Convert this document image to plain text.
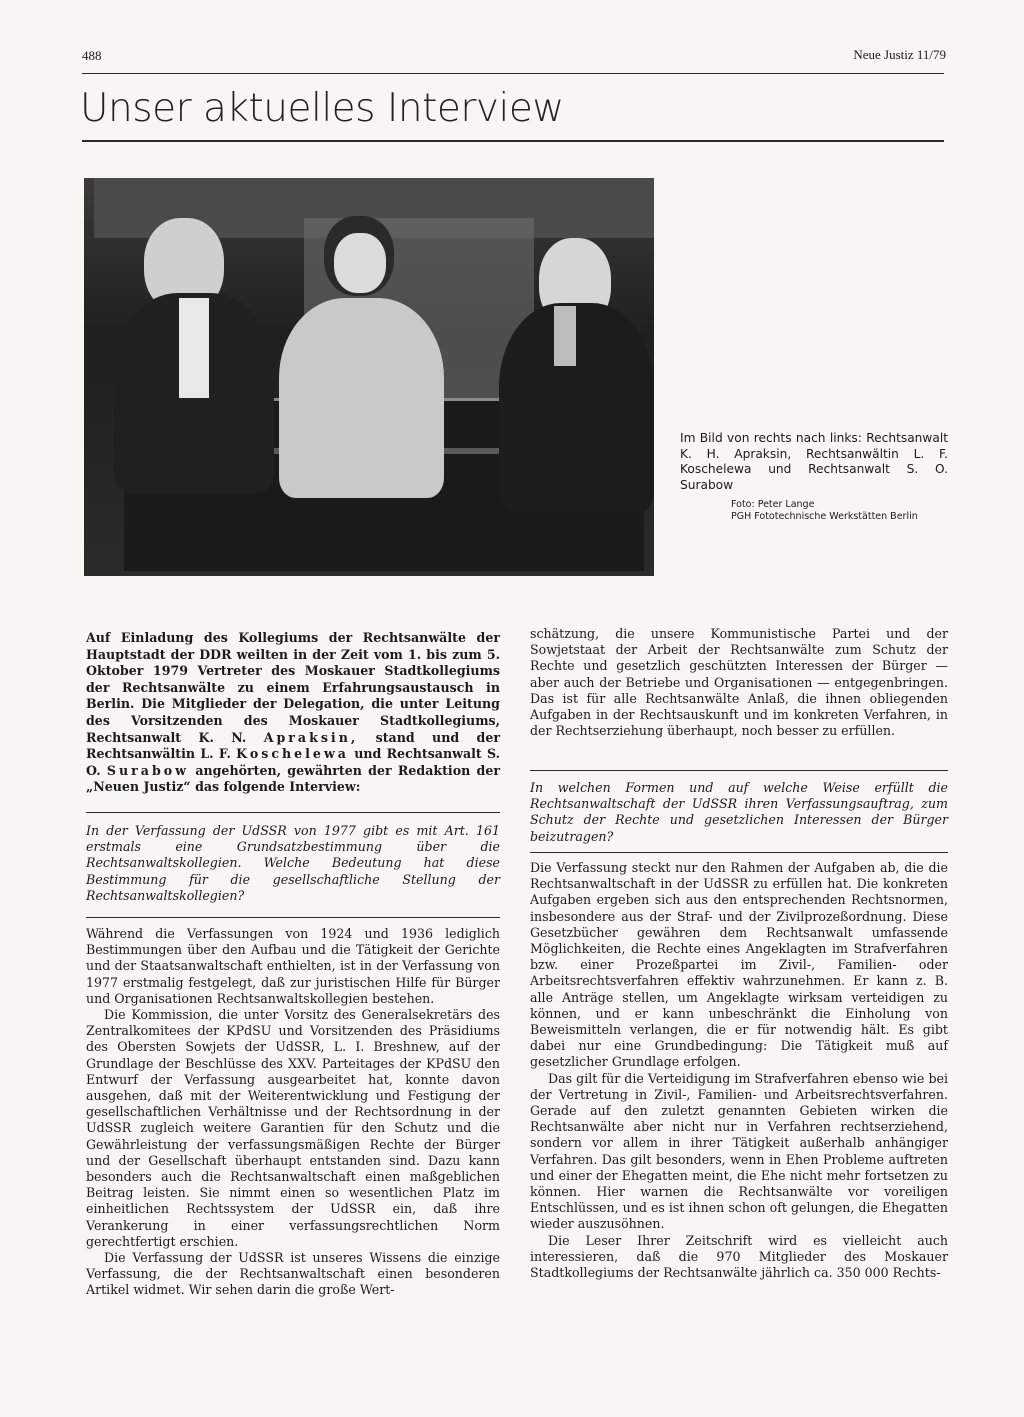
488	Neue Justiz 11/79
Unser aktuelles Interview
Im Bild von rechts nach links: Rechtsanwalt K. H. Apraksin, Rechtsanwältin L. F. Koschelewa und Rechtsanwalt S. O. Surabow
Foto: Peter Lange
PGH Fototechnische Werkstätten Berlin
Auf Einladung des Kollegiums der Rechtsanwälte der Hauptstadt der DDR weilten in der Zeit vom 1. bis zum 5. Oktober 1979 Vertreter des Moskauer Stadtkollegiums der Rechtsanwälte zu einem Erfahrungsaustausch in Berlin. Die Mitglieder der Delegation, die unter Leitung des Vorsitzenden des Moskauer Stadtkollegiums, Rechtsanwalt K. N. Apraksin, stand und der Rechtsanwältin L. F. Koschelewa und Rechtsanwalt S. O. Surabow angehörten, gewährten der Redaktion der „Neuen Justiz“ das folgende Interview:
In der Verfassung der UdSSR von 1977 gibt es mit Art. 161 erstmals eine Grundsatzbestimmung über die Rechtsanwaltskollegien. Welche Bedeutung hat diese Bestimmung für die gesellschaftliche Stellung der Rechtsanwaltskollegien?

Während die Verfassungen von 1924 und 1936 lediglich Bestimmungen über den Aufbau und die Tätigkeit der Gerichte und der Staatsanwaltschaft enthielten, ist in der Verfassung von 1977 erstmalig festgelegt, daß zur juristischen Hilfe für Bürger und Organisationen Rechtsanwaltskollegien bestehen.

Die Kommission, die unter Vorsitz des Generalsekretärs des Zentralkomitees der KPdSU und Vorsitzenden des Präsidiums des Obersten Sowjets der UdSSR, L. I. Breshnew, auf der Grundlage der Beschlüsse des XXV. Parteitages der KPdSU den Entwurf der Verfassung ausgearbeitet hat, konnte davon ausgehen, daß mit der Weiterentwicklung und Festigung der gesellschaftlichen Verhältnisse und der Rechtsordnung in der UdSSR zugleich weitere Garantien für den Schutz und die Gewährleistung der verfassungsmäßigen Rechte der Bürger und der Gesellschaft überhaupt entstanden sind. Dazu kann besonders auch die Rechtsanwaltschaft einen maßgeblichen Beitrag leisten. Sie nimmt einen so wesentlichen Platz im einheitlichen Rechtssystem der UdSSR ein, daß ihre Verankerung in einer verfassungsrechtlichen Norm gerechtfertigt erschien.

Die Verfassung der UdSSR ist unseres Wissens die einzige Verfassung, die der Rechtsanwaltschaft einen besonderen Artikel widmet. Wir sehen darin die große Wert-

schätzung, die unsere Kommunistische Partei und der Sowjetstaat der Arbeit der Rechtsanwälte zum Schutz der Rechte und gesetzlich geschützten Interessen der Bürger — aber auch der Betriebe und Organisationen — entgegenbringen. Das ist für alle Rechtsanwälte Anlaß, die ihnen obliegenden Aufgaben in der Rechtsauskunft und im konkreten Verfahren, in der Rechtserziehung überhaupt, noch besser zu erfüllen.
In welchen Formen und auf welche Weise erfüllt die Rechtsanwaltschaft der UdSSR ihren Verfassungsauftrag, zum Schutz der Rechte und gesetzlichen Interessen der Bürger beizutragen?

Die Verfassung steckt nur den Rahmen der Aufgaben ab, die die Rechtsanwaltschaft in der UdSSR zu erfüllen hat. Die konkreten Aufgaben ergeben sich aus den entsprechenden Rechtsnormen, insbesondere aus der Straf- und der Zivilprozeßordnung. Diese Gesetzbücher gewähren dem Rechtsanwalt umfassende Möglichkeiten, die Rechte eines Angeklagten im Strafverfahren bzw. einer Prozeßpartei im Zivil-, Familien- oder Arbeitsrechtsverfahren effektiv wahrzunehmen. Er kann z. B. alle Anträge stellen, um Angeklagte wirksam verteidigen zu können, und er kann unbeschränkt die Einholung von Beweismitteln verlangen, die er für notwendig hält. Es gibt dabei nur eine Grundbedingung: Die Tätigkeit muß auf gesetzlicher Grundlage erfolgen.

Das gilt für die Verteidigung im Strafverfahren ebenso wie bei der Vertretung in Zivil-, Familien- und Arbeitsrechtsverfahren. Gerade auf den zuletzt genannten Gebieten wirken die Rechtsanwälte aber nicht nur in Verfahren rechtserziehend, sondern vor allem in ihrer Tätigkeit außerhalb anhängiger Verfahren. Das gilt besonders, wenn in Ehen Probleme auftreten und einer der Ehegatten meint, die Ehe nicht mehr fortsetzen zu können. Hier warnen die Rechtsanwälte vor voreiligen Entschlüssen, und es ist ihnen schon oft gelungen, die Ehegatten wieder auszusöhnen.

Die Leser Ihrer Zeitschrift wird es vielleicht auch interessieren, daß die 970 Mitglieder des Moskauer Stadtkollegiums der Rechtsanwälte jährlich ca. 350 000 Rechts-
